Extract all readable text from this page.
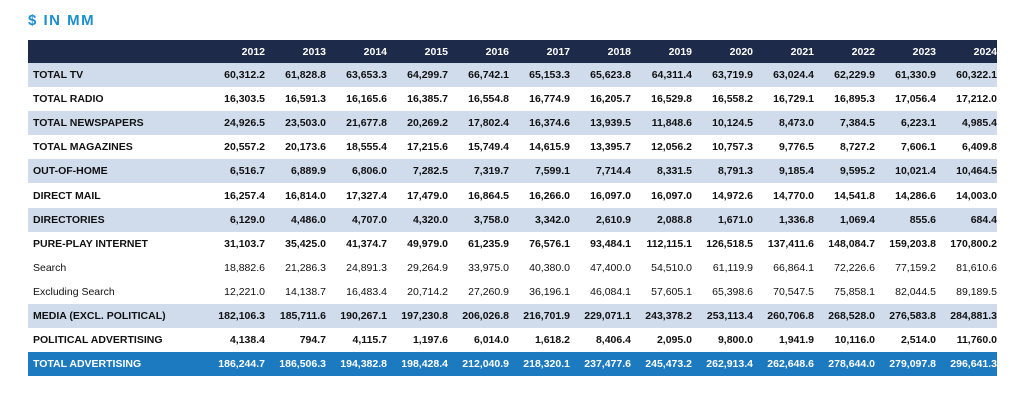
$ IN MM
	2012	2013	2014	2015	2016	2017	2018	2019	2020	2021	2022	2023	2024
TOTAL TV	60,312.2	61,828.8	63,653.3	64,299.7	66,742.1	65,153.3	65,623.8	64,311.4	63,719.9	63,024.4	62,229.9	61,330.9	60,322.1
TOTAL RADIO	16,303.5	16,591.3	16,165.6	16,385.7	16,554.8	16,774.9	16,205.7	16,529.8	16,558.2	16,729.1	16,895.3	17,056.4	17,212.0
TOTAL NEWSPAPERS	24,926.5	23,503.0	21,677.8	20,269.2	17,802.4	16,374.6	13,939.5	11,848.6	10,124.5	8,473.0	7,384.5	6,223.1	4,985.4
TOTAL MAGAZINES	20,557.2	20,173.6	18,555.4	17,215.6	15,749.4	14,615.9	13,395.7	12,056.2	10,757.3	9,776.5	8,727.2	7,606.1	6,409.8
OUT-OF-HOME	6,516.7	6,889.9	6,806.0	7,282.5	7,319.7	7,599.1	7,714.4	8,331.5	8,791.3	9,185.4	9,595.2	10,021.4	10,464.5
DIRECT MAIL	16,257.4	16,814.0	17,327.4	17,479.0	16,864.5	16,266.0	16,097.0	16,097.0	14,972.6	14,770.0	14,541.8	14,286.6	14,003.0
DIRECTORIES	6,129.0	4,486.0	4,707.0	4,320.0	3,758.0	3,342.0	2,610.9	2,088.8	1,671.0	1,336.8	1,069.4	855.6	684.4
PURE-PLAY INTERNET	31,103.7	35,425.0	41,374.7	49,979.0	61,235.9	76,576.1	93,484.1	112,115.1	126,518.5	137,411.6	148,084.7	159,203.8	170,800.2
Search	18,882.6	21,286.3	24,891.3	29,264.9	33,975.0	40,380.0	47,400.0	54,510.0	61,119.9	66,864.1	72,226.6	77,159.2	81,610.6
Excluding Search	12,221.0	14,138.7	16,483.4	20,714.2	27,260.9	36,196.1	46,084.1	57,605.1	65,398.6	70,547.5	75,858.1	82,044.5	89,189.5
MEDIA (EXCL. POLITICAL)	182,106.3	185,711.6	190,267.1	197,230.8	206,026.8	216,701.9	229,071.1	243,378.2	253,113.4	260,706.8	268,528.0	276,583.8	284,881.3
POLITICAL ADVERTISING	4,138.4	794.7	4,115.7	1,197.6	6,014.0	1,618.2	8,406.4	2,095.0	9,800.0	1,941.9	10,116.0	2,514.0	11,760.0
TOTAL ADVERTISING	186,244.7	186,506.3	194,382.8	198,428.4	212,040.9	218,320.1	237,477.6	245,473.2	262,913.4	262,648.6	278,644.0	279,097.8	296,641.3
